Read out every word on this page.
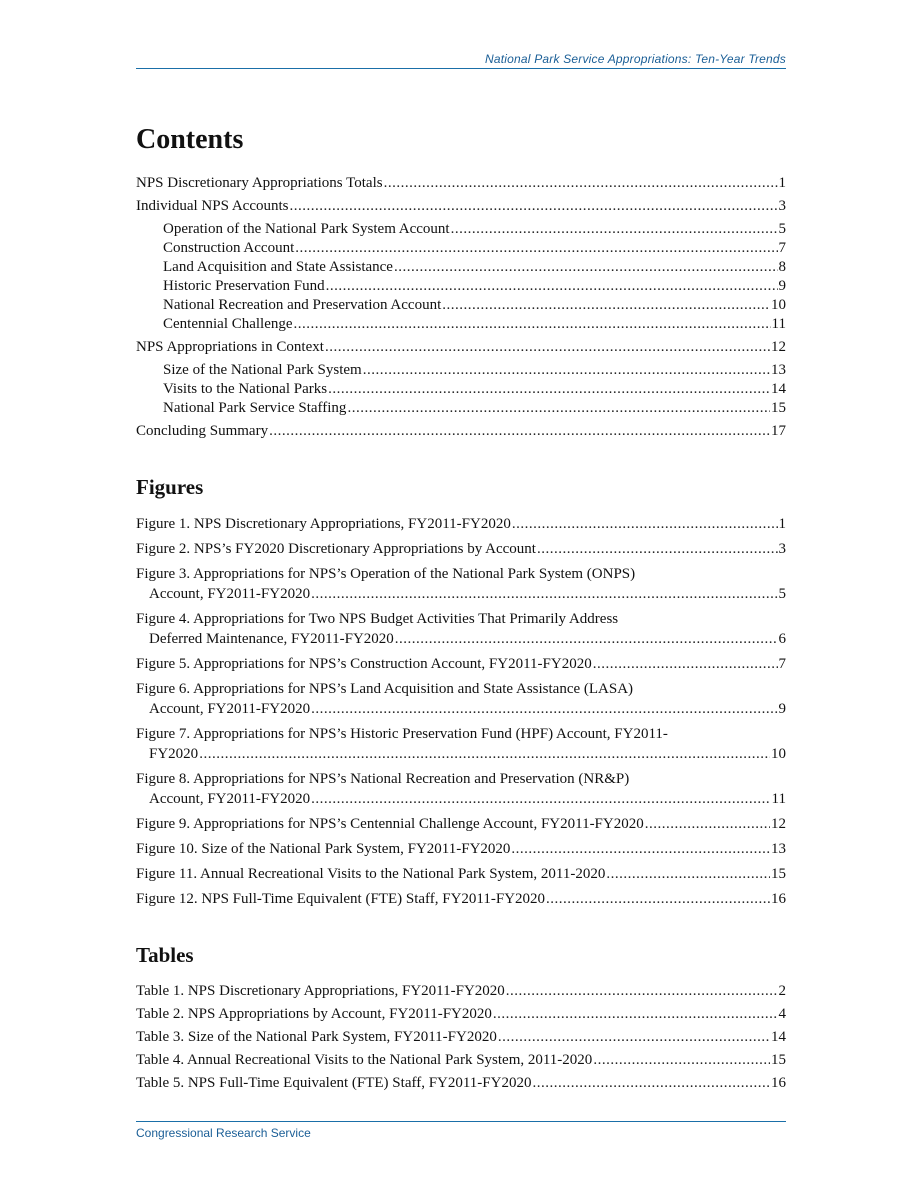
National Park Service Appropriations: Ten-Year Trends
Contents
NPS Discretionary Appropriations Totals .....	1
Individual NPS Accounts .....	3
Operation of the National Park System Account .....	5
Construction Account .....	7
Land Acquisition and State Assistance .....	8
Historic Preservation Fund .....	9
National Recreation and Preservation Account .....	10
Centennial Challenge .....	11
NPS Appropriations in Context .....	12
Size of the National Park System .....	13
Visits to the National Parks .....	14
National Park Service Staffing .....	15
Concluding Summary .....	17
Figures
Figure 1. NPS Discretionary Appropriations, FY2011-FY2020 .....	1
Figure 2. NPS’s FY2020 Discretionary Appropriations by Account .....	3
Figure 3. Appropriations for NPS’s Operation of the National Park System (ONPS)
Account, FY2011-FY2020 .....	5
Figure 4. Appropriations for Two NPS Budget Activities That Primarily Address
Deferred Maintenance, FY2011-FY2020 .....	6
Figure 5. Appropriations for NPS’s Construction Account, FY2011-FY2020 .....	7
Figure 6. Appropriations for NPS’s Land Acquisition and State Assistance (LASA)
Account, FY2011-FY2020 .....	9
Figure 7. Appropriations for NPS’s Historic Preservation Fund (HPF) Account, FY2011-
FY2020 .....	10
Figure 8. Appropriations for NPS’s National Recreation and Preservation (NR&P)
Account, FY2011-FY2020 .....	11
Figure 9. Appropriations for NPS’s Centennial Challenge Account, FY2011-FY2020 .....	12
Figure 10. Size of the National Park System, FY2011-FY2020 .....	13
Figure 11. Annual Recreational Visits to the National Park System, 2011-2020 .....	15
Figure 12. NPS Full-Time Equivalent (FTE) Staff, FY2011-FY2020 .....	16
Tables
Table 1. NPS Discretionary Appropriations, FY2011-FY2020 .....	2
Table 2. NPS Appropriations by Account, FY2011-FY2020 .....	4
Table 3. Size of the National Park System, FY2011-FY2020 .....	14
Table 4. Annual Recreational Visits to the National Park System, 2011-2020 .....	15
Table 5. NPS Full-Time Equivalent (FTE) Staff, FY2011-FY2020 .....	16
Congressional Research Service
